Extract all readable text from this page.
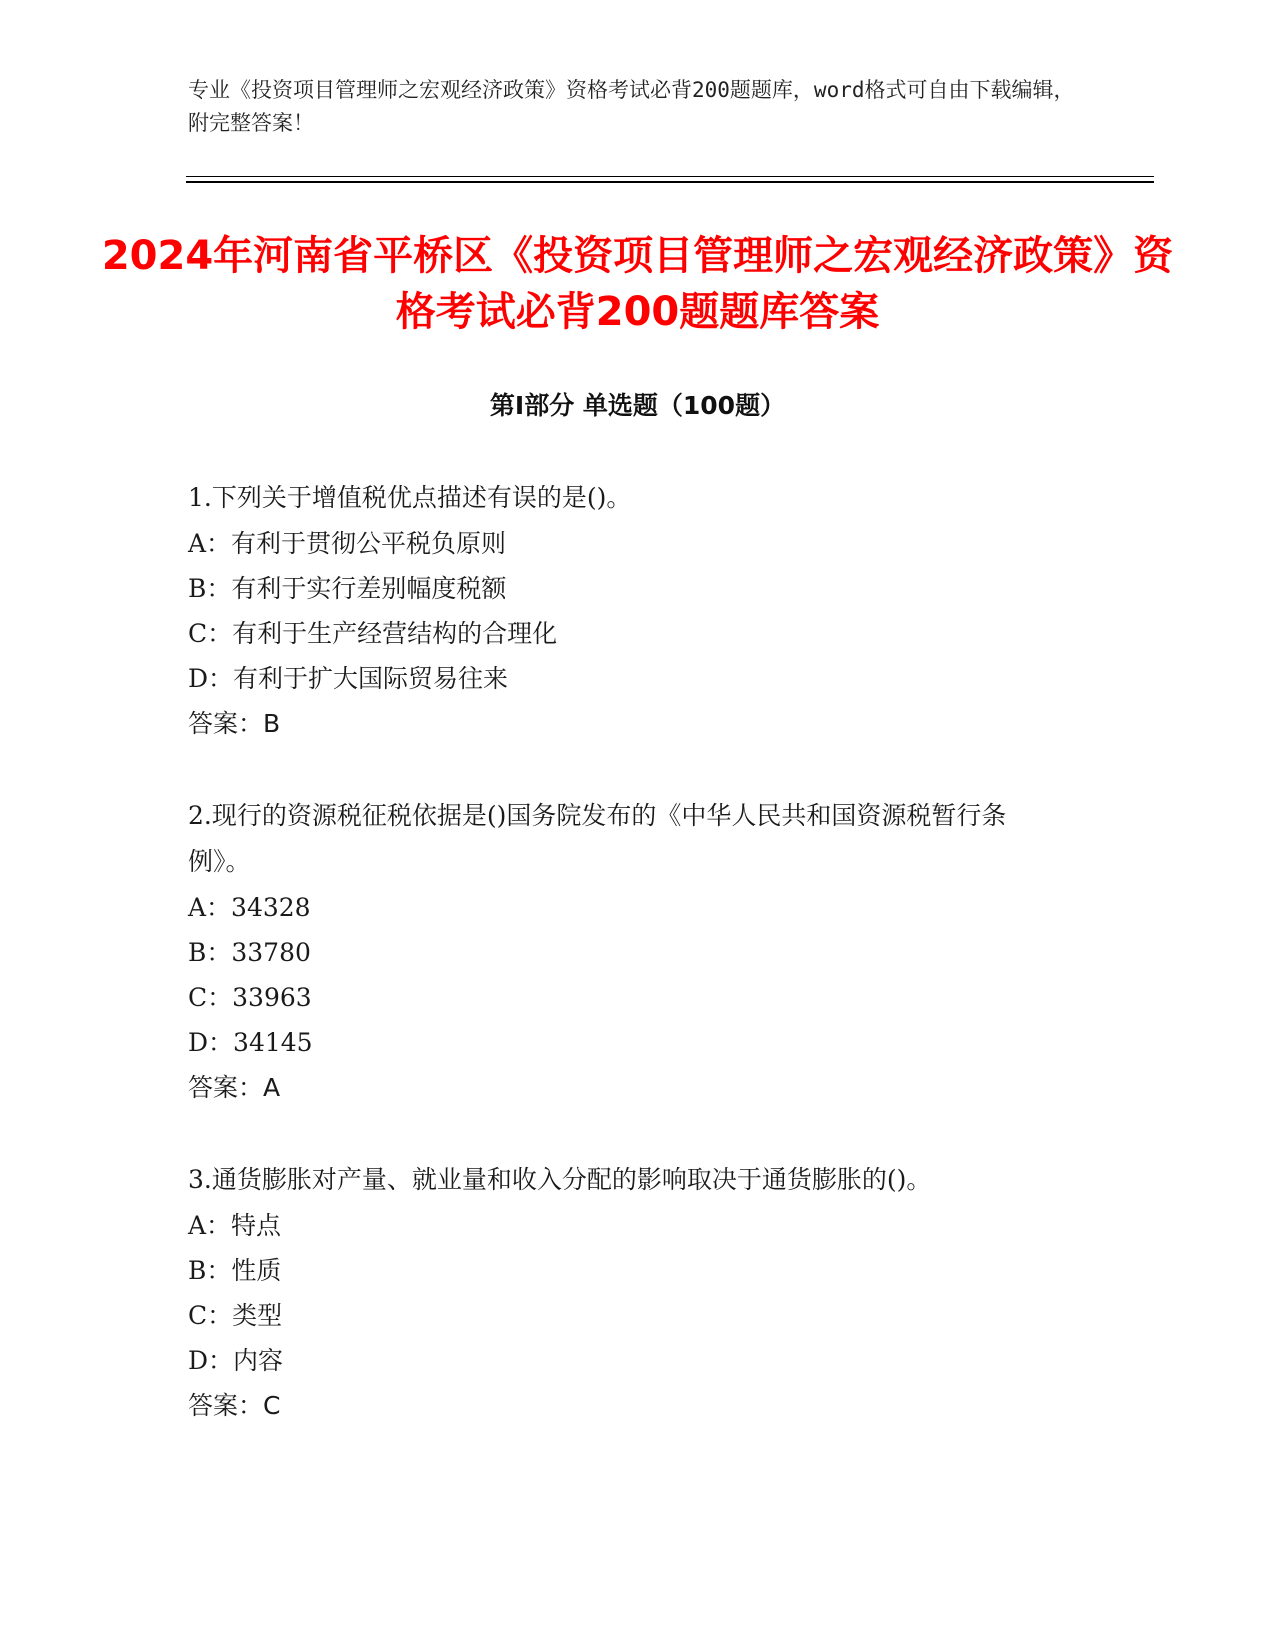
专业《投资项目管理师之宏观经济政策》资格考试必背200题题库，word格式可自由下载编辑，附完整答案！
2024年河南省平桥区《投资项目管理师之宏观经济政策》资格考试必背200题题库答案
第I部分 单选题（100题）
1.下列关于增值税优点描述有误的是()。
A：有利于贯彻公平税负原则
B：有利于实行差别幅度税额
C：有利于生产经营结构的合理化
D：有利于扩大国际贸易往来
答案：B
2.现行的资源税征税依据是()国务院发布的《中华人民共和国资源税暂行条例》。
A：34328
B：33780
C：33963
D：34145
答案：A
3.通货膨胀对产量、就业量和收入分配的影响取决于通货膨胀的()。
A：特点
B：性质
C：类型
D：内容
答案：C
